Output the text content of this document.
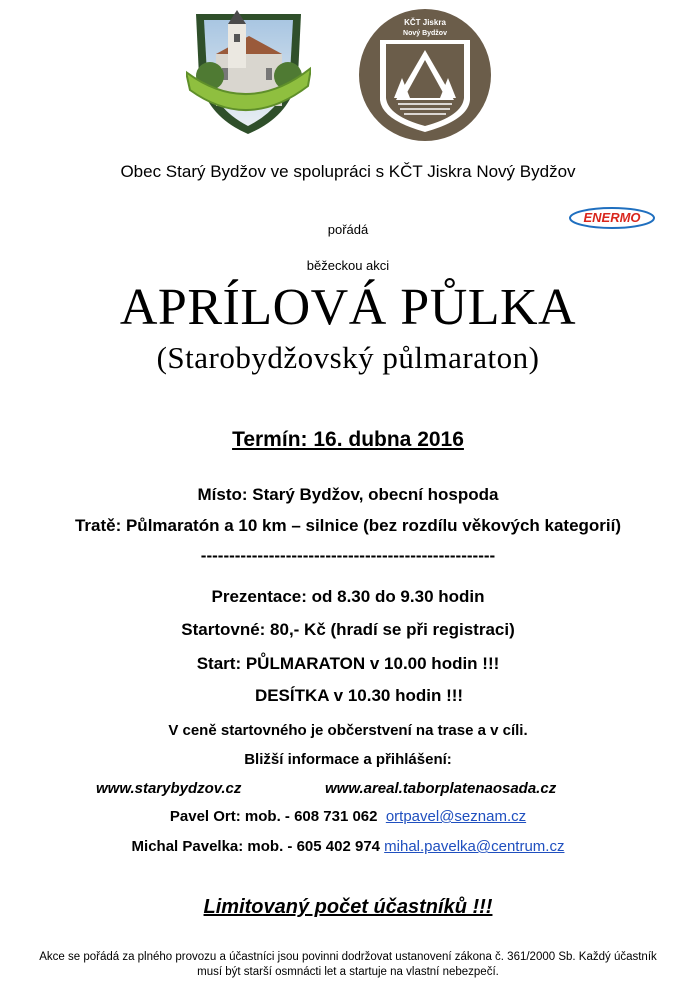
KČT Jiskra
Nový Bydžov
ENERMO
Obec Starý Bydžov ve spolupráci s KČT Jiskra Nový Bydžov
pořádá
běžeckou akci
APRÍLOVÁ PŮLKA
(Starobydžovský půlmaraton)
Termín: 16. dubna 2016
Místo: Starý Bydžov, obecní hospoda
Tratě: Půlmaratón a 10 km – silnice (bez rozdílu věkových kategorií)
----------------------------------------------------
Prezentace: od 8.30 do 9.30 hodin
Startovné: 80,- Kč (hradí se při registraci)
Start: PŮLMARATON v 10.00 hodin !!!
DESÍTKA v 10.30 hodin !!!
V ceně startovného je občerstvení na trase a v cíli.
Bližší informace a přihlášení:
www.starybydzov.cz	www.areal.taborplatenaosada.cz
Pavel Ort: mob. - 608 731 062 ortpavel@seznam.cz
Michal Pavelka: mob. - 605 402 974 mihal.pavelka@centrum.cz
Limitovaný počet účastníků !!!
Akce se pořádá za plného provozu a účastníci jsou povinni dodržovat ustanovení zákona č. 361/2000 Sb. Každý účastník musí být starší osmnácti let a startuje na vlastní nebezpečí.
